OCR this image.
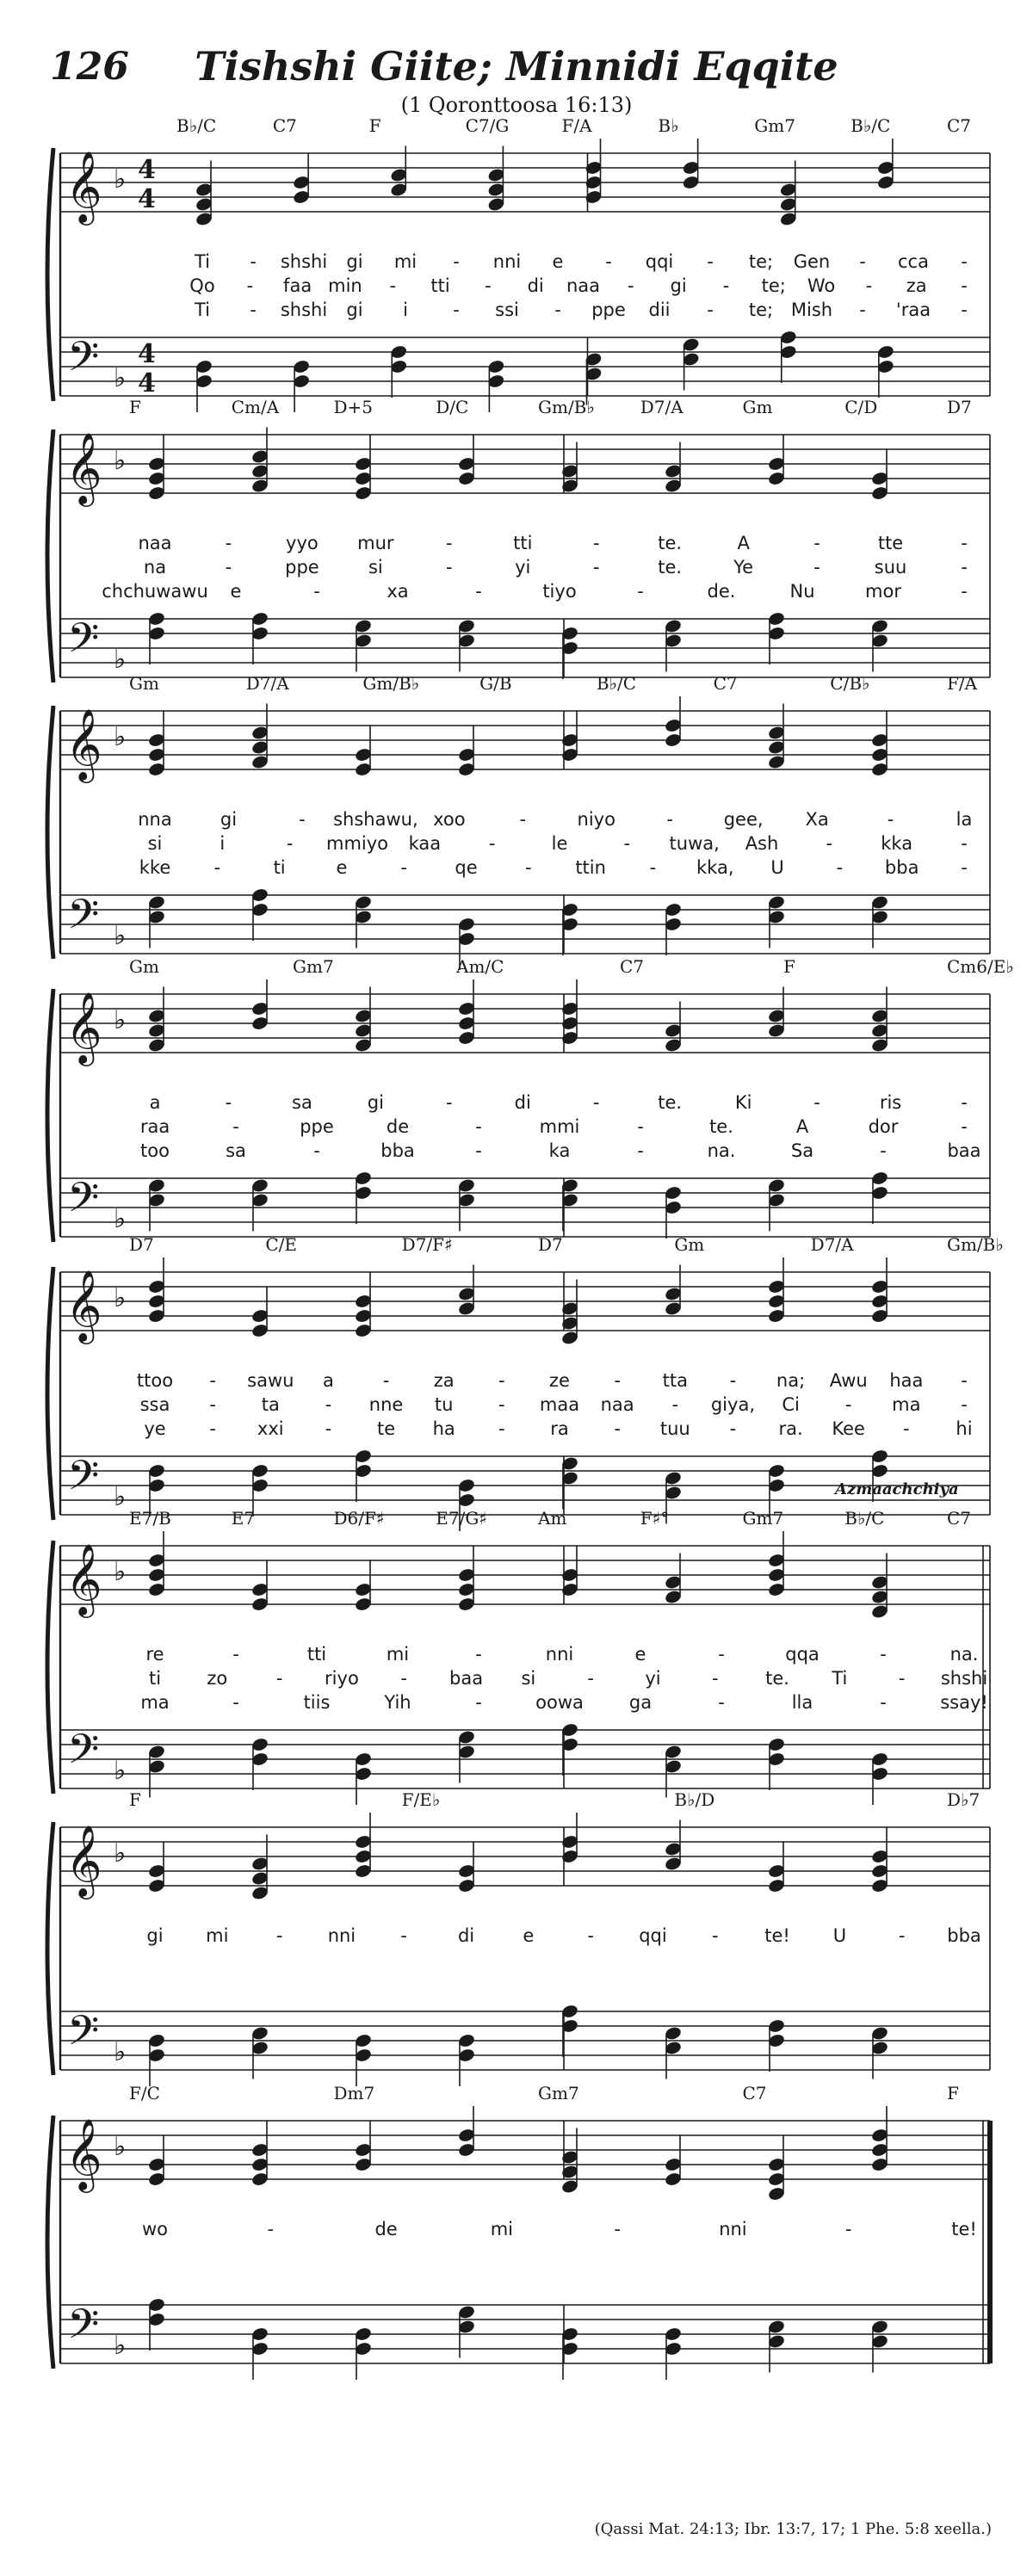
126	Tishshi Giite; Minnidi Eqqite
(1 Qoronttoosa 16:13)
𝄞
𝄢
♭
♭
4
4
4
4
B♭/C	C7	F	C7/G	F/A	B♭	Gm7	B♭/C	C7
Ti - shshi gi mi - nni e - qqi - te; Gen - cca -
Qo - faa min - tti - di naa - gi - te; Wo - za -
Ti - shshi gi i - ssi - ppe dii - te; Mish - 'raa -
𝄞
𝄢
♭
♭
F	Cm/A	D+5	D/C	Gm/B♭	D7/A	Gm	C/D	D7
naa	-	yyo mur	-	tti	-	te.	A	-	tte	-
na	-	ppe	si	-	yi	-	te.	Ye	-	suu	-
chchuwawu e	-	xa	-	tiyo	-	de.	Nu	mor	-
𝄞
𝄢
♭
♭
Gm	D7/A	Gm/B♭	G/B	B♭/C	C7	C/B♭	F/A
nna	gi	- shshawu, xoo	-	niyo	-	gee, Xa	-	la
si	i	- mmiyo kaa	-	le	- tuwa, Ash	-	kka	-
kke -	ti	e	-	qe	- ttin - kka, U	- bba -
𝄞
𝄢
♭
♭
Gm	Gm7	Am/C	C7	F	Cm6/E♭
a	-	sa	gi	-	di	-	te.	Ki	-	ris	-
raa	-	ppe	de	-	mmi	-	te.	A	dor	-
too	sa	-	bba	-	ka	-	na.	Sa	-	baa
𝄞
𝄢
♭
♭
D7	C/E	D7/F♯	D7	Gm	D7/A	Gm/B♭
ttoo - sawu a	- za - ze - tta - na; Awu haa -
ssa -	ta	- nne tu	- maa naa - giya, Ci	- ma -
ye - xxi -	te ha -	ra	- tuu - ra. Kee -	hi
𝄞
𝄢
♭
♭
E7/B	E7	D6/F♯	E7/G♯	Am	F♯°	Gm7	B♭/C	C7
Azmaachchiya
re	-	tti	mi	-	nni	e	-	qqa	-	na.
ti	zo	- riyo - baa si	-	yi	-	te. Ti	- shshi
ma	-	tiis	Yih	-	oowa	ga	-	lla	-	ssay!
𝄞
𝄢
♭
♭
F	F/E♭	B♭/D	D♭7
gi mi	- nni -	di	e	- qqi -	te! U	- bba
𝄞
𝄢
♭
♭
F/C	Dm7	Gm7	C7	F
wo	-	de	mi	-	nni	-	te!
(Qassi Mat. 24:13; Ibr. 13:7, 17; 1 Phe. 5:8 xeella.)
